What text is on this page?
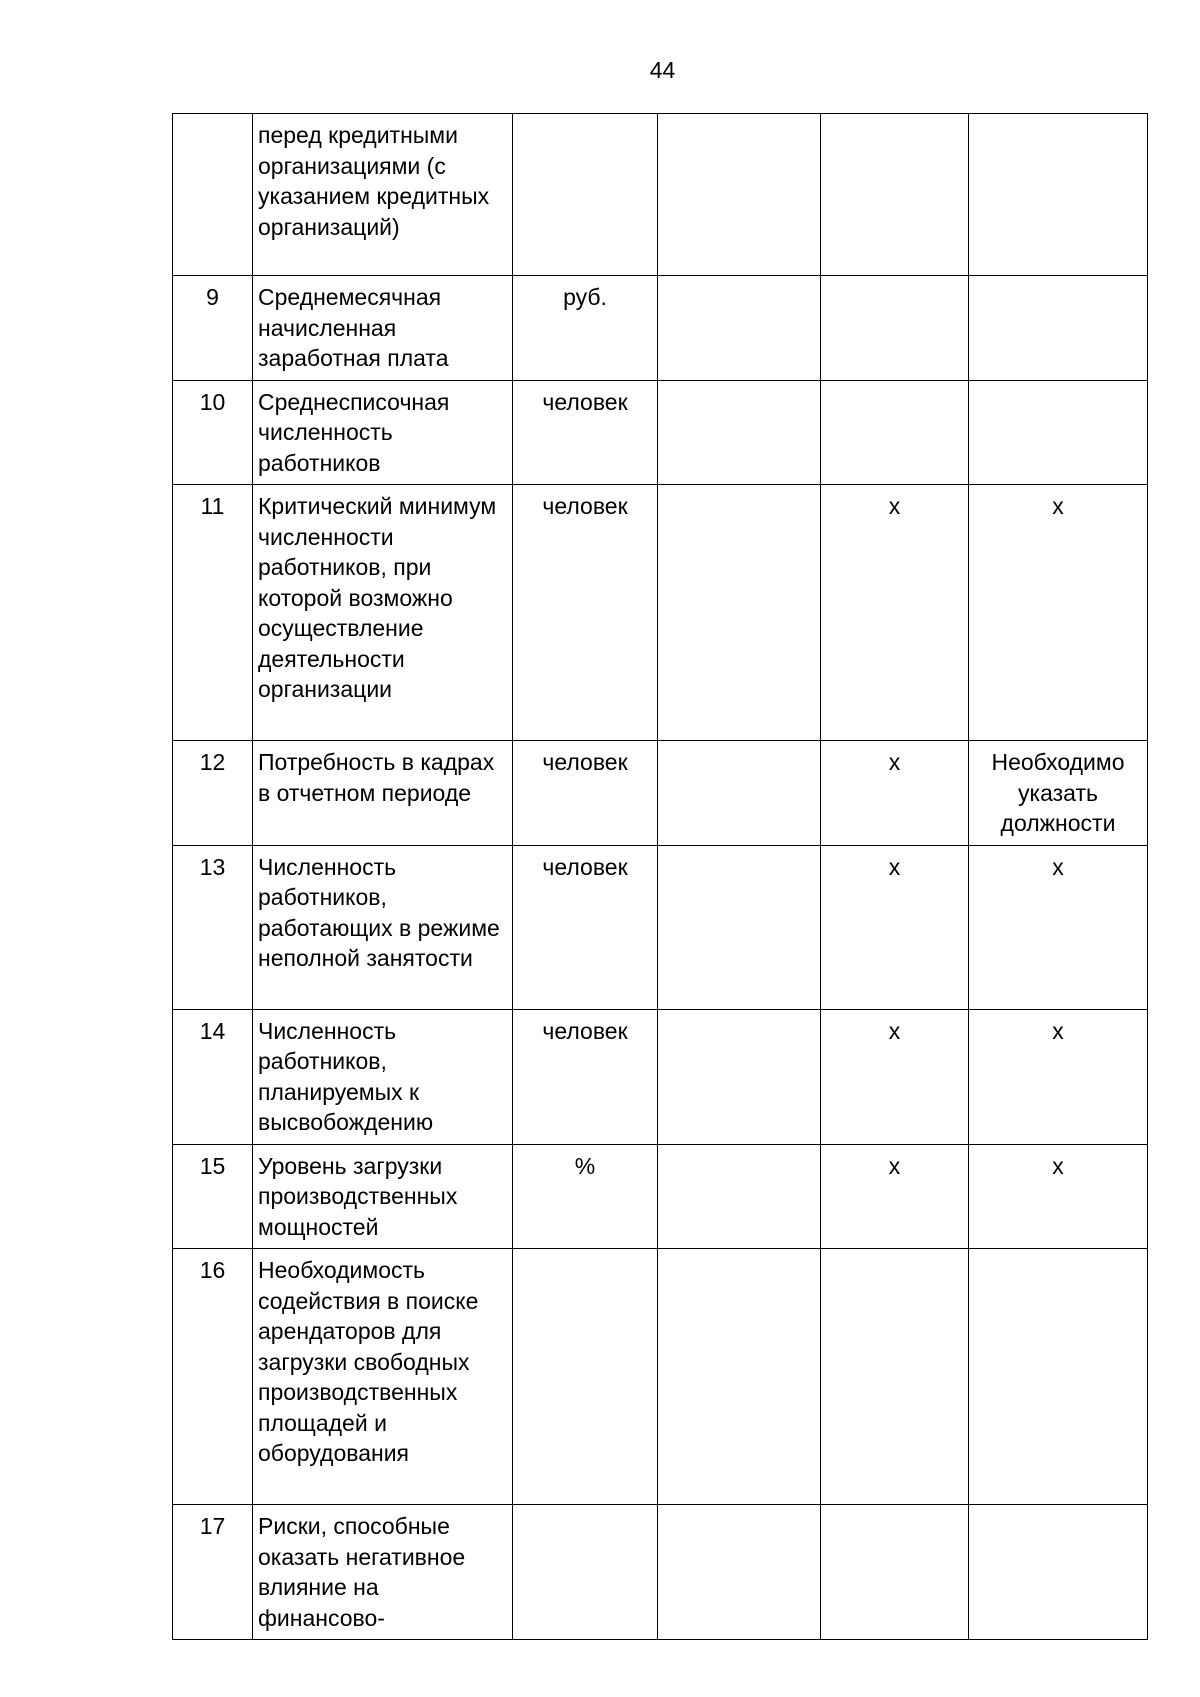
44
	перед кредитными организациями (с указанием кредитных организаций)				
9	Среднемесячная начисленная заработная плата	руб.			
10	Среднесписочная численность работников	человек			
11	Критический минимум численности работников, при которой возможно осуществление деятельности организации	человек		x	x
12	Потребность в кадрах в отчетном периоде	человек		x	Необходимо указать должности
13	Численность работников, работающих в режиме неполной занятости	человек		x	x
14	Численность работников, планируемых к высвобождению	человек		x	x
15	Уровень загрузки производственных мощностей	%		x	x
16	Необходимость содействия в поиске арендаторов для загрузки свободных производственных площадей и оборудования				
17	Риски, способные оказать негативное влияние на финансово-				
